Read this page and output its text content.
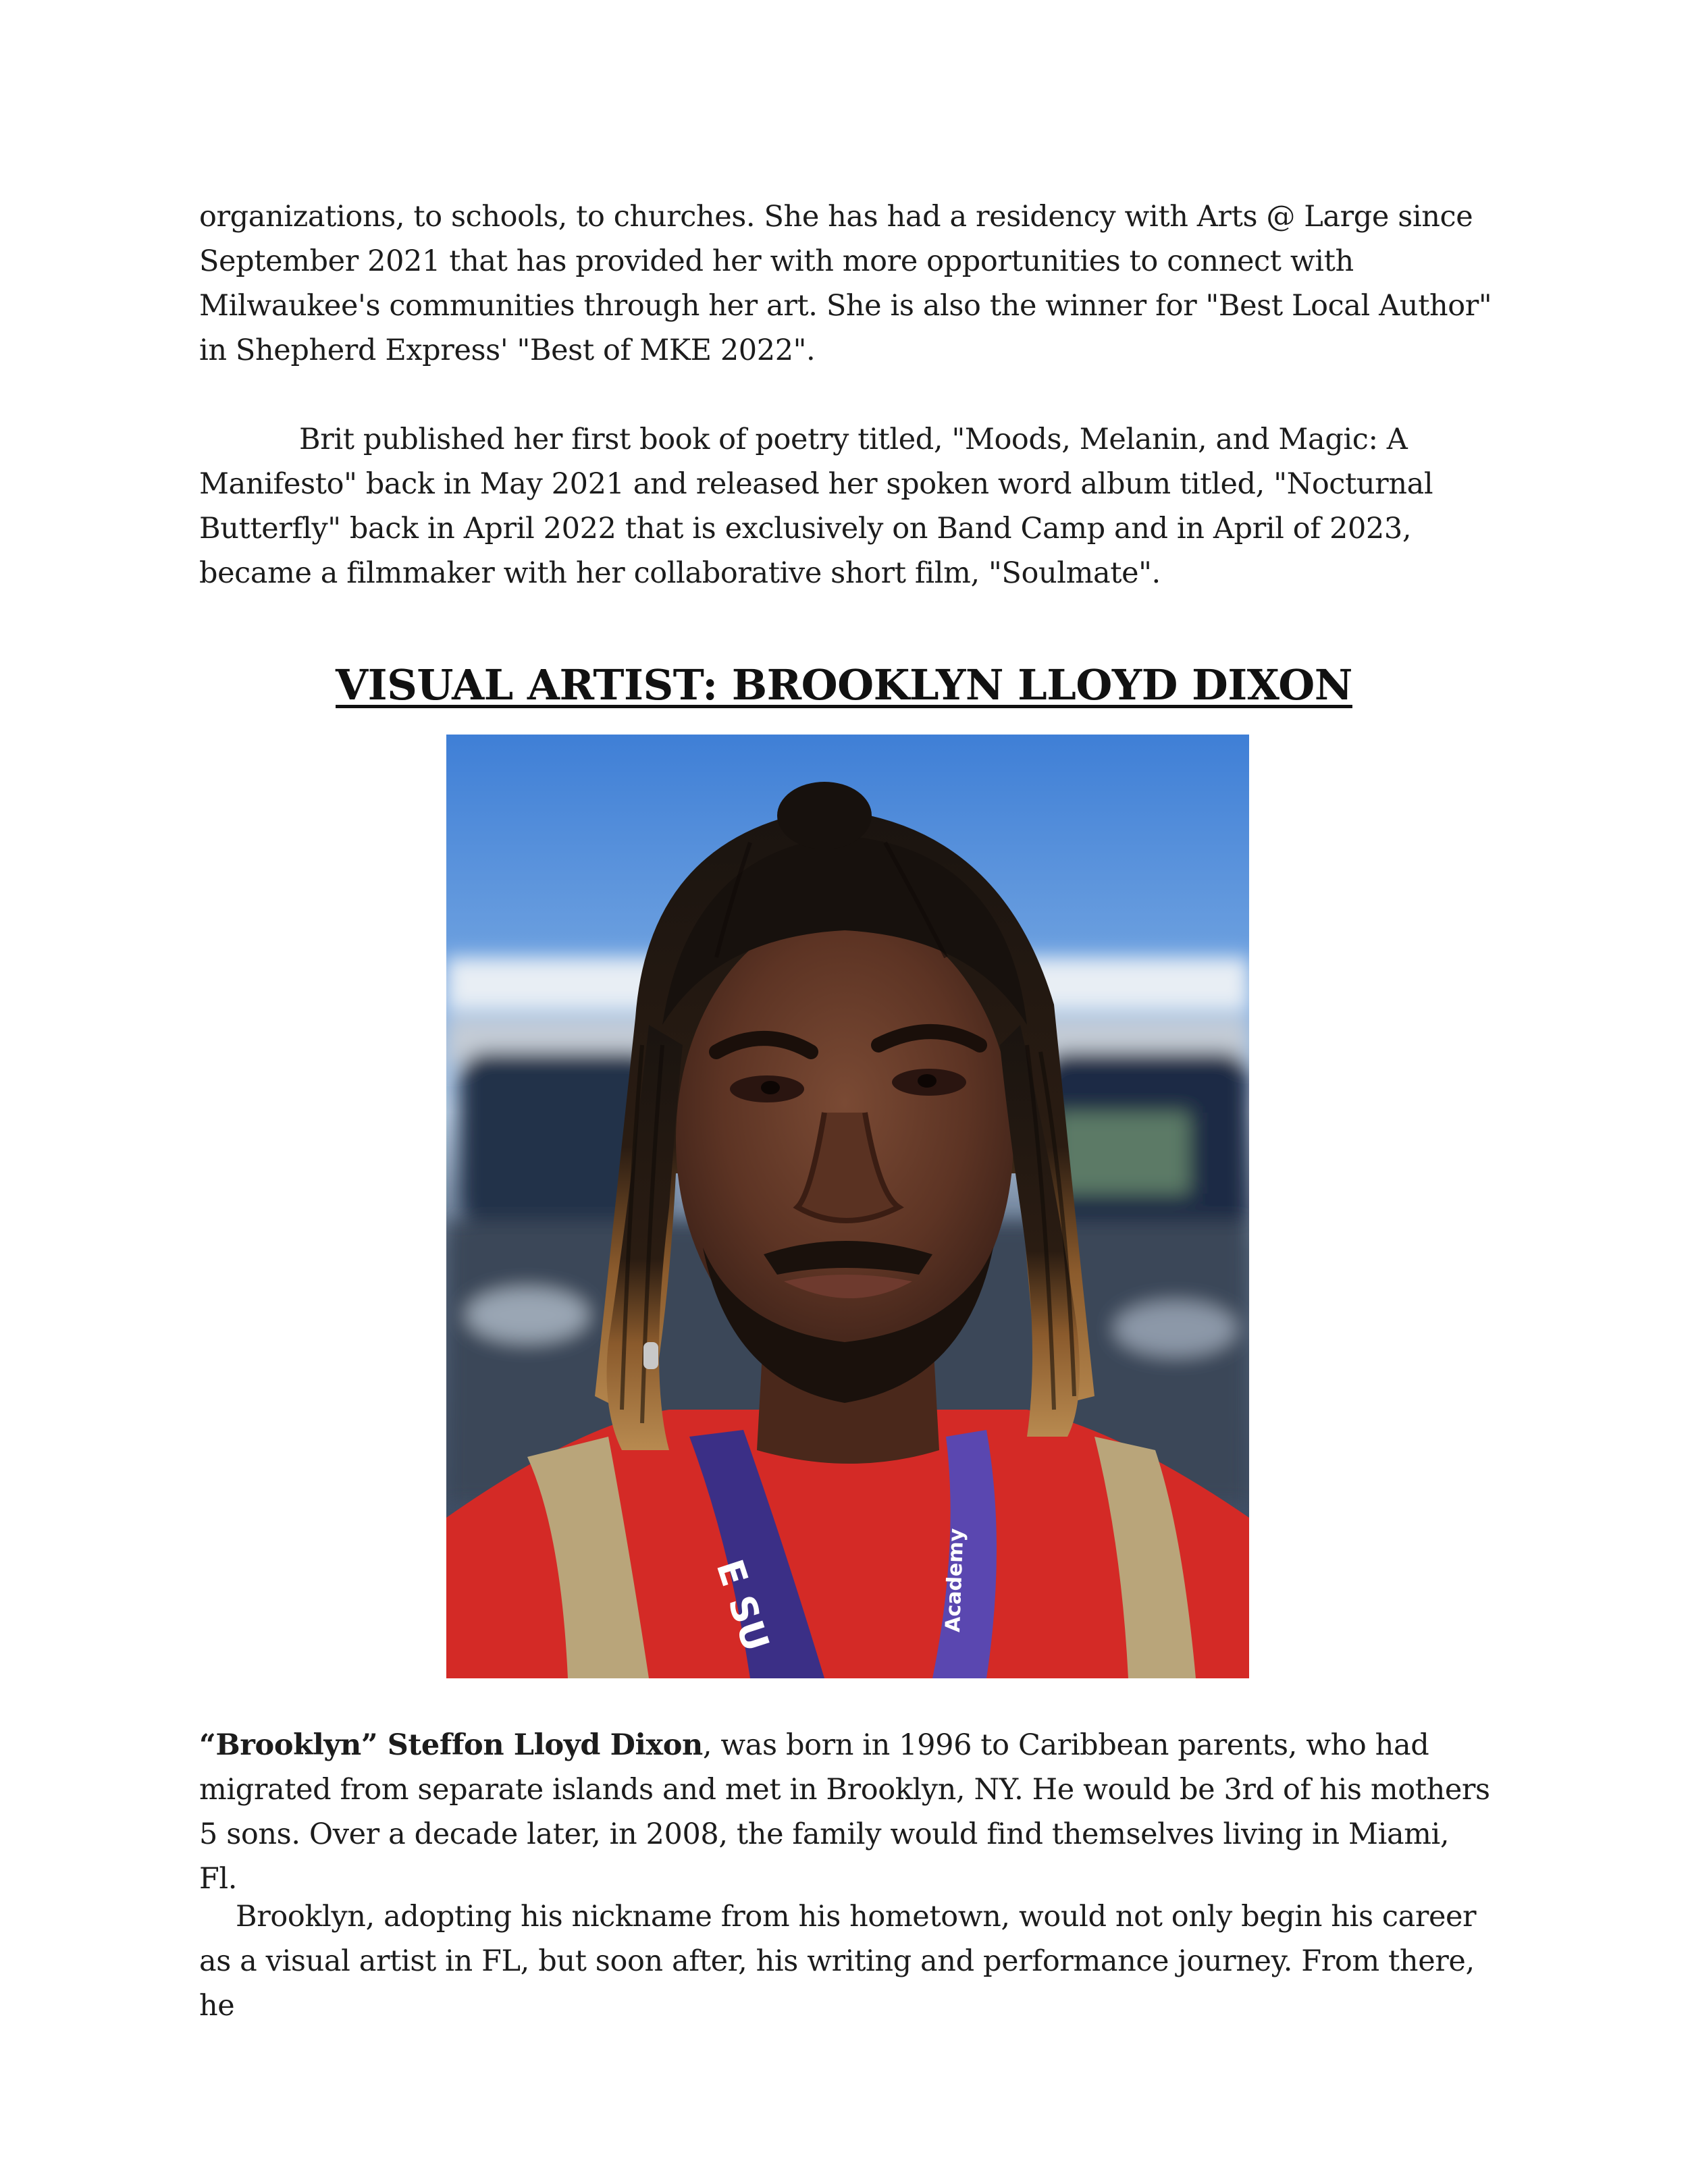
organizations, to schools, to churches. She has had a residency with Arts @ Large since September 2021 that has provided her with more opportunities to connect with Milwaukee's communities through her art. She is also the winner for "Best Local Author" in Shepherd Express' "Best of MKE 2022".

Brit published her first book of poetry titled, "Moods, Melanin, and Magic: A Manifesto" back in May 2021 and released her spoken word album titled, "Nocturnal Butterfly" back in April 2022 that is exclusively on Band Camp and in April of 2023, became a filmmaker with her collaborative short film, "Soulmate".

VISUAL ARTIST: BROOKLYN LLOYD DIXON
E SU	Academy

“Brooklyn” Steffon Lloyd Dixon, was born in 1996 to Caribbean parents, who had migrated from separate islands and met in Brooklyn, NY. He would be 3rd of his mothers 5 sons. Over a decade later, in 2008, the family would find themselves living in Miami, Fl.

Brooklyn, adopting his nickname from his hometown, would not only begin his career as a visual artist in FL, but soon after, his writing and performance journey. From there, he
